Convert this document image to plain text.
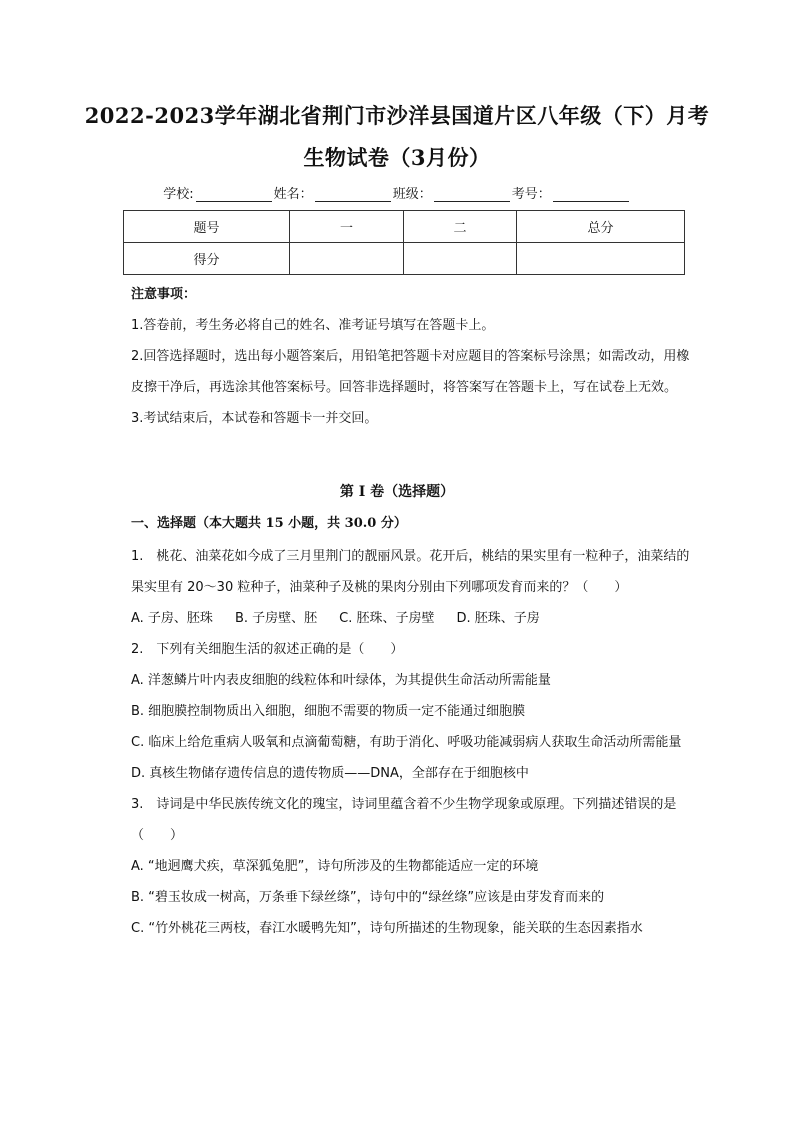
2022-2023学年湖北省荆门市沙洋县国道片区八年级（下）月考
生物试卷（3月份）
学校:	姓名：	班级：	考号：
题号	一	二	总分
得分			

注意事项：

1.答卷前，考生务必将自己的姓名、准考证号填写在答题卡上。

2.回答选择题时，选出每小题答案后，用铅笔把答题卡对应题目的答案标号涂黑；如需改动，用橡皮擦干净后，再选涂其他答案标号。回答非选择题时，将答案写在答题卡上，写在试卷上无效。

3.考试结束后，本试卷和答题卡一并交回。

第 I 卷（选择题）
一、选择题（本大题共 15 小题，共 30.0 分）

1.　桃花、油菜花如今成了三月里荆门的靓丽风景。花开后，桃结的果实里有一粒种子，油菜结的果实里有 20～30 粒种子，油菜种子及桃的果肉分别由下列哪项发育而来的？（　　）

A. 子房、胚珠 B. 子房壁、胚 C. 胚珠、子房壁 D. 胚珠、子房

2.　下列有关细胞生活的叙述正确的是（　　）

A. 洋葱鳞片叶内表皮细胞的线粒体和叶绿体，为其提供生命活动所需能量

B. 细胞膜控制物质出入细胞，细胞不需要的物质一定不能通过细胞膜

C. 临床上给危重病人吸氧和点滴葡萄糖，有助于消化、呼吸功能减弱病人获取生命活动所需能量

D. 真核生物储存遗传信息的遗传物质——DNA，全部存在于细胞核中

3.　诗词是中华民族传统文化的瑰宝，诗词里蕴含着不少生物学现象或原理。下列描述错误的是（　　）

A. “地迥鹰犬疾，草深狐兔肥”，诗句所涉及的生物都能适应一定的环境

B. “碧玉妆成一树高，万条垂下绿丝绦”，诗句中的“绿丝绦”应该是由芽发育而来的

C. “竹外桃花三两枝，春江水暖鸭先知”，诗句所描述的生物现象，能关联的生态因素指水
